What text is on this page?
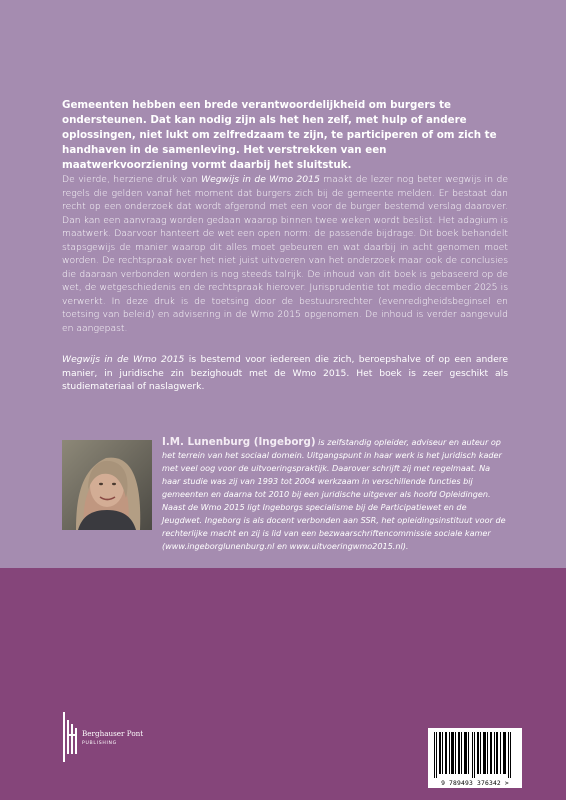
Gemeenten hebben een brede verantwoordelijkheid om burgers te ondersteunen. Dat kan nodig zijn als het hen zelf, met hulp of andere oplossingen, niet lukt om zelfredzaam te zijn, te participeren of om zich te handhaven in de samenleving. Het verstrekken van een maatwerkvoorziening vormt daarbij het sluitstuk.

De vierde, herziene druk van Wegwijs in de Wmo 2015 maakt de lezer nog beter wegwijs in de regels die gelden vanaf het moment dat burgers zich bij de gemeente melden. Er bestaat dan recht op een onderzoek dat wordt afgerond met een voor de burger bestemd verslag daarover. Dan kan een aanvraag worden gedaan waarop binnen twee weken wordt beslist. Het adagium is maatwerk. Daarvoor hanteert de wet een open norm: de passende bijdrage. Dit boek behandelt stapsgewijs de manier waarop dit alles moet gebeuren en wat daarbij in acht genomen moet worden. De rechtspraak over het niet juist uitvoeren van het onderzoek maar ook de conclusies die daaraan verbonden worden is nog steeds talrijk. De inhoud van dit boek is gebaseerd op de wet, de wetgeschiedenis en de rechtspraak hierover. Jurisprudentie tot medio december 2025 is verwerkt. In deze druk is de toetsing door de bestuursrechter (evenredigheidsbeginsel en toetsing van beleid) en advisering in de Wmo 2015 opgenomen. De inhoud is verder aangevuld en aangepast.

Wegwijs in de Wmo 2015 is bestemd voor iedereen die zich, beroepshalve of op een andere manier, in juridische zin bezighoudt met de Wmo 2015. Het boek is zeer geschikt als studiemateriaal of naslagwerk.

I.M. Lunenburg (Ingeborg) is zelfstandig opleider, adviseur en auteur op het terrein van het sociaal domein. Uitgangspunt in haar werk is het juridisch kader met veel oog voor de uitvoeringspraktijk. Daarover schrijft zij met regelmaat. Na haar studie was zij van 1993 tot 2004 werkzaam in verschillende functies bij gemeenten en daarna tot 2010 bij een juridische uitgever als hoofd Opleidingen. Naast de Wmo 2015 ligt Ingeborgs specialisme bij de Participatiewet en de Jeugdwet. Ingeborg is als docent verbonden aan SSR, het opleidingsinstituut voor de rechterlijke macht en zij is lid van een bezwaarschriftencommissie sociale kamer (www.ingeborglunenburg.nl en www.uitvoeringwmo2015.nl).

Berghauser Pont
PUBLISHING
9 789493 376342 >
